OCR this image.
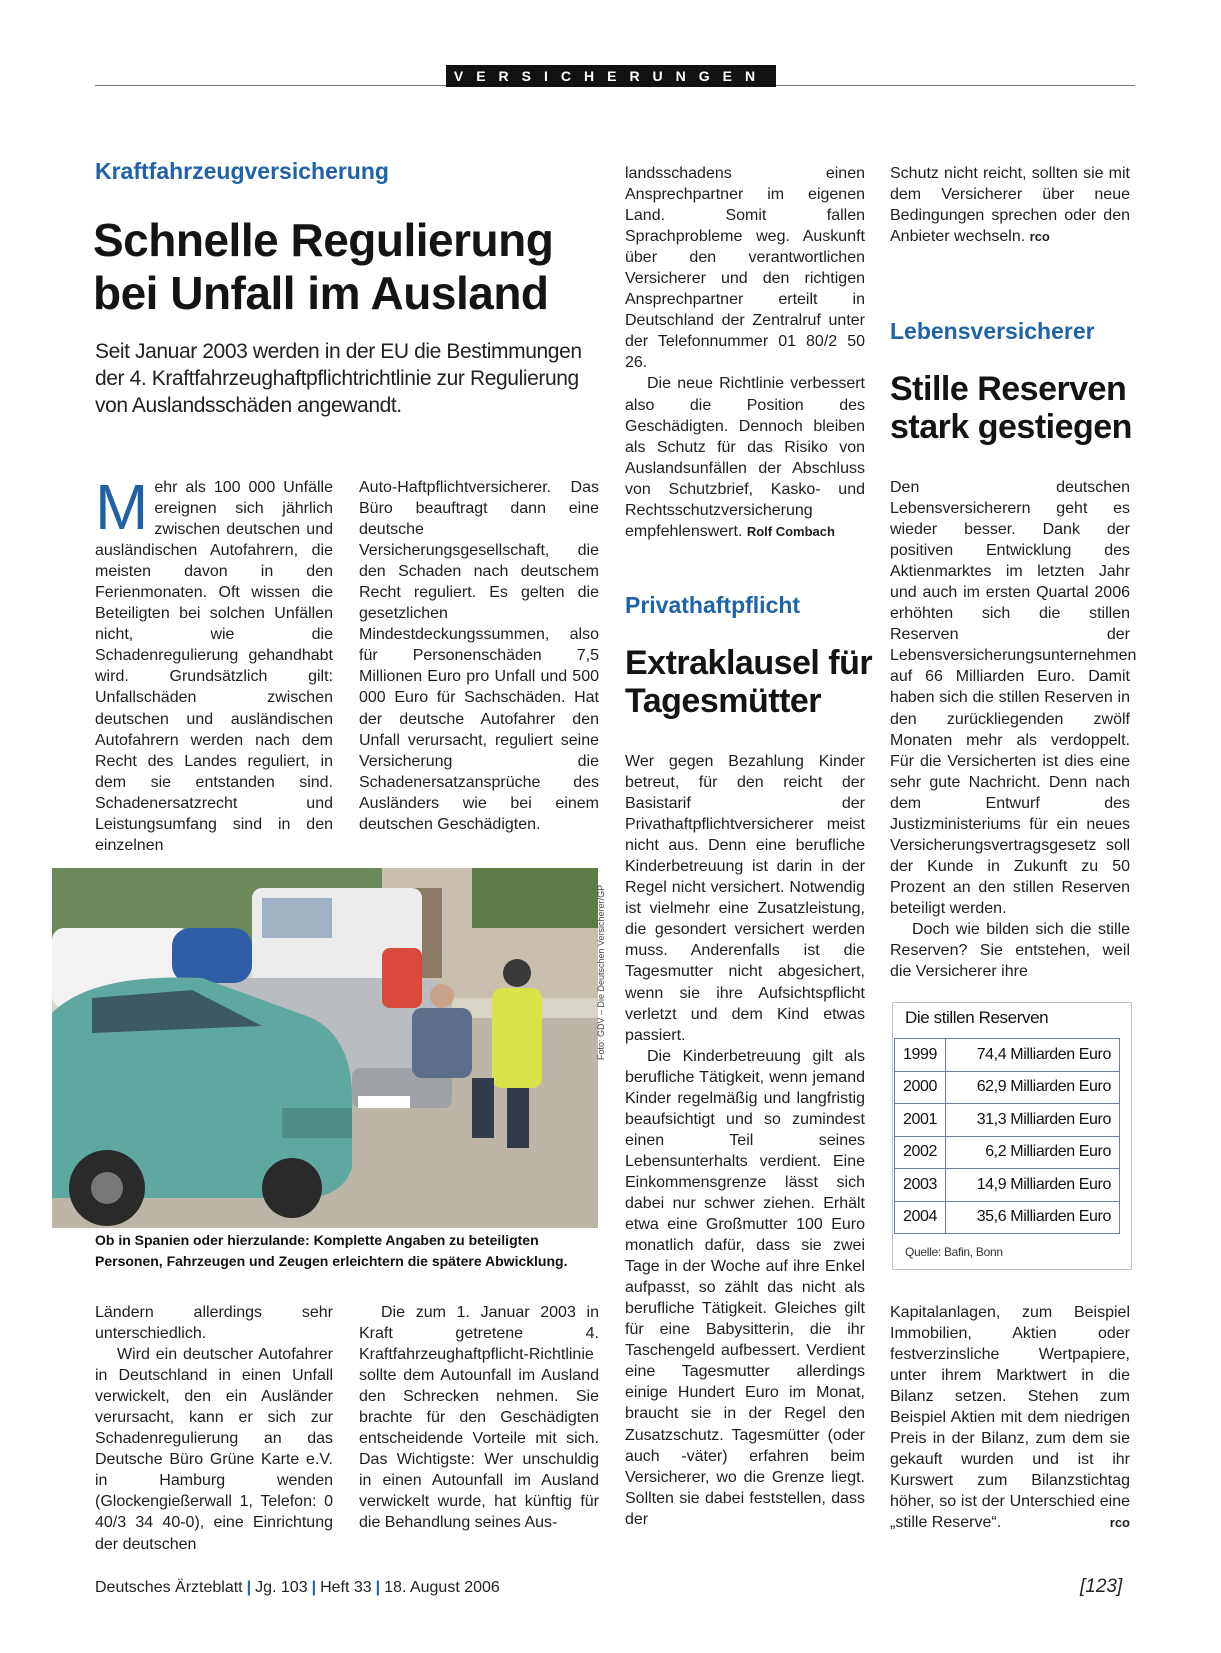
VERSICHERUNGEN
Kraftfahrzeugversicherung
Schnelle Regulierung
bei Unfall im Ausland
Seit Januar 2003 werden in der EU die Bestimmungen der 4. Kraftfahrzeughaftpflichtrichtlinie zur Regulierung von Auslandsschäden angewandt.

Mehr als 100 000 Unfälle ereignen sich jährlich zwischen deutschen und ausländischen Autofahrern, die meisten davon in den Ferienmonaten. Oft wissen die Beteiligten bei solchen Unfällen nicht, wie die Schadenregulierung gehandhabt wird. Grundsätzlich gilt: Unfallschäden zwischen deutschen und ausländischen Autofahrern werden nach dem Recht des Landes reguliert, in dem sie entstanden sind. Schadenersatzrecht und Leistungsumfang sind in den einzelnen

Auto-Haftpflichtversicherer. Das Büro beauftragt dann eine deutsche Versicherungsgesellschaft, die den Schaden nach deutschem Recht reguliert. Es gelten die gesetzlichen Mindestdeckungssummen, also für Personenschäden 7,5 Millionen Euro pro Unfall und 500 000 Euro für Sachschäden. Hat der deutsche Autofahrer den Unfall verursacht, reguliert seine Versicherung die Schadenersatzansprüche des Ausländers wie bei einem deutschen Geschädigten.

Foto: GDV – Die Deutschen Versicherer/GP
Ob in Spanien oder hierzulande: Komplette Angaben zu beteiligten Personen, Fahrzeugen und Zeugen erleichtern die spätere Abwicklung.

Ländern allerdings sehr unterschiedlich.

Wird ein deutscher Autofahrer in Deutschland in einen Unfall verwickelt, den ein Ausländer verursacht, kann er sich zur Schadenregulierung an das Deutsche Büro Grüne Karte e.V. in Hamburg wenden (Glockengießerwall 1, Telefon: 0 40/3 34 40-0), eine Einrichtung der deutschen

Die zum 1. Januar 2003 in Kraft getretene 4. Kraftfahrzeughaftpflicht-Richtlinie sollte dem Autounfall im Ausland den Schrecken nehmen. Sie brachte für den Geschädigten entscheidende Vorteile mit sich. Das Wichtigste: Wer unschuldig in einen Autounfall im Ausland verwickelt wurde, hat künftig für die Behandlung seines Aus-

landsschadens einen Ansprechpartner im eigenen Land. Somit fallen Sprachprobleme weg. Auskunft über den verantwortlichen Versicherer und den richtigen Ansprechpartner erteilt in Deutschland der Zentralruf unter der Telefonnummer 01 80/2 50 26.

Die neue Richtlinie verbessert also die Position des Geschädigten. Dennoch bleiben als Schutz für das Risiko von Auslandsunfällen der Abschluss von Schutzbrief, Kasko- und Rechtsschutzversicherung empfehlenswert. Rolf Combach

Privathaftpflicht
Extraklausel für
Tagesmütter

Wer gegen Bezahlung Kinder betreut, für den reicht der Basistarif der Privathaftpflichtversicherer meist nicht aus. Denn eine berufliche Kinderbetreuung ist darin in der Regel nicht versichert. Notwendig ist vielmehr eine Zusatzleistung, die gesondert versichert werden muss. Anderenfalls ist die Tagesmutter nicht abgesichert, wenn sie ihre Aufsichtspflicht verletzt und dem Kind etwas passiert.

Die Kinderbetreuung gilt als berufliche Tätigkeit, wenn jemand Kinder regelmäßig und langfristig beaufsichtigt und so zumindest einen Teil seines Lebensunterhalts verdient. Eine Einkommensgrenze lässt sich dabei nur schwer ziehen. Erhält etwa eine Großmutter 100 Euro monatlich dafür, dass sie zwei Tage in der Woche auf ihre Enkel aufpasst, so zählt das nicht als berufliche Tätigkeit. Gleiches gilt für eine Babysitterin, die ihr Taschengeld aufbessert. Verdient eine Tagesmutter allerdings einige Hundert Euro im Monat, braucht sie in der Regel den Zusatzschutz. Tagesmütter (oder auch -väter) erfahren beim Versicherer, wo die Grenze liegt. Sollten sie dabei feststellen, dass der

Schutz nicht reicht, sollten sie mit dem Versicherer über neue Bedingungen sprechen oder den Anbieter wechseln. rco

Lebensversicherer
Stille Reserven
stark gestiegen

Den deutschen Lebensversicherern geht es wieder besser. Dank der positiven Entwicklung des Aktienmarktes im letzten Jahr und auch im ersten Quartal 2006 erhöhten sich die stillen Reserven der Lebensversicherungsunternehmen auf 66 Milliarden Euro. Damit haben sich die stillen Reserven in den zurückliegenden zwölf Monaten mehr als verdoppelt. Für die Versicherten ist dies eine sehr gute Nachricht. Denn nach dem Entwurf des Justizministeriums für ein neues Versicherungsvertragsgesetz soll der Kunde in Zukunft zu 50 Prozent an den stillen Reserven beteiligt werden.

Doch wie bilden sich die stille Reserven? Sie entstehen, weil die Versicherer ihre

Die stillen Reserven
1999	74,4 Milliarden Euro
2000	62,9 Milliarden Euro
2001	31,3 Milliarden Euro
2002	6,2 Milliarden Euro
2003	14,9 Milliarden Euro
2004	35,6 Milliarden Euro
Quelle: Bafin, Bonn

Kapitalanlagen, zum Beispiel Immobilien, Aktien oder festverzinsliche Wertpapiere, unter ihrem Marktwert in die Bilanz setzen. Stehen zum Beispiel Aktien mit dem niedrigen Preis in der Bilanz, zum dem sie gekauft wurden und ist ihr Kurswert zum Bilanzstichtag höher, so ist der Unterschied eine „stille Reserve“.	rco

Deutsches Ärzteblatt | Jg. 103 | Heft 33 | 18. August 2006	[123]
